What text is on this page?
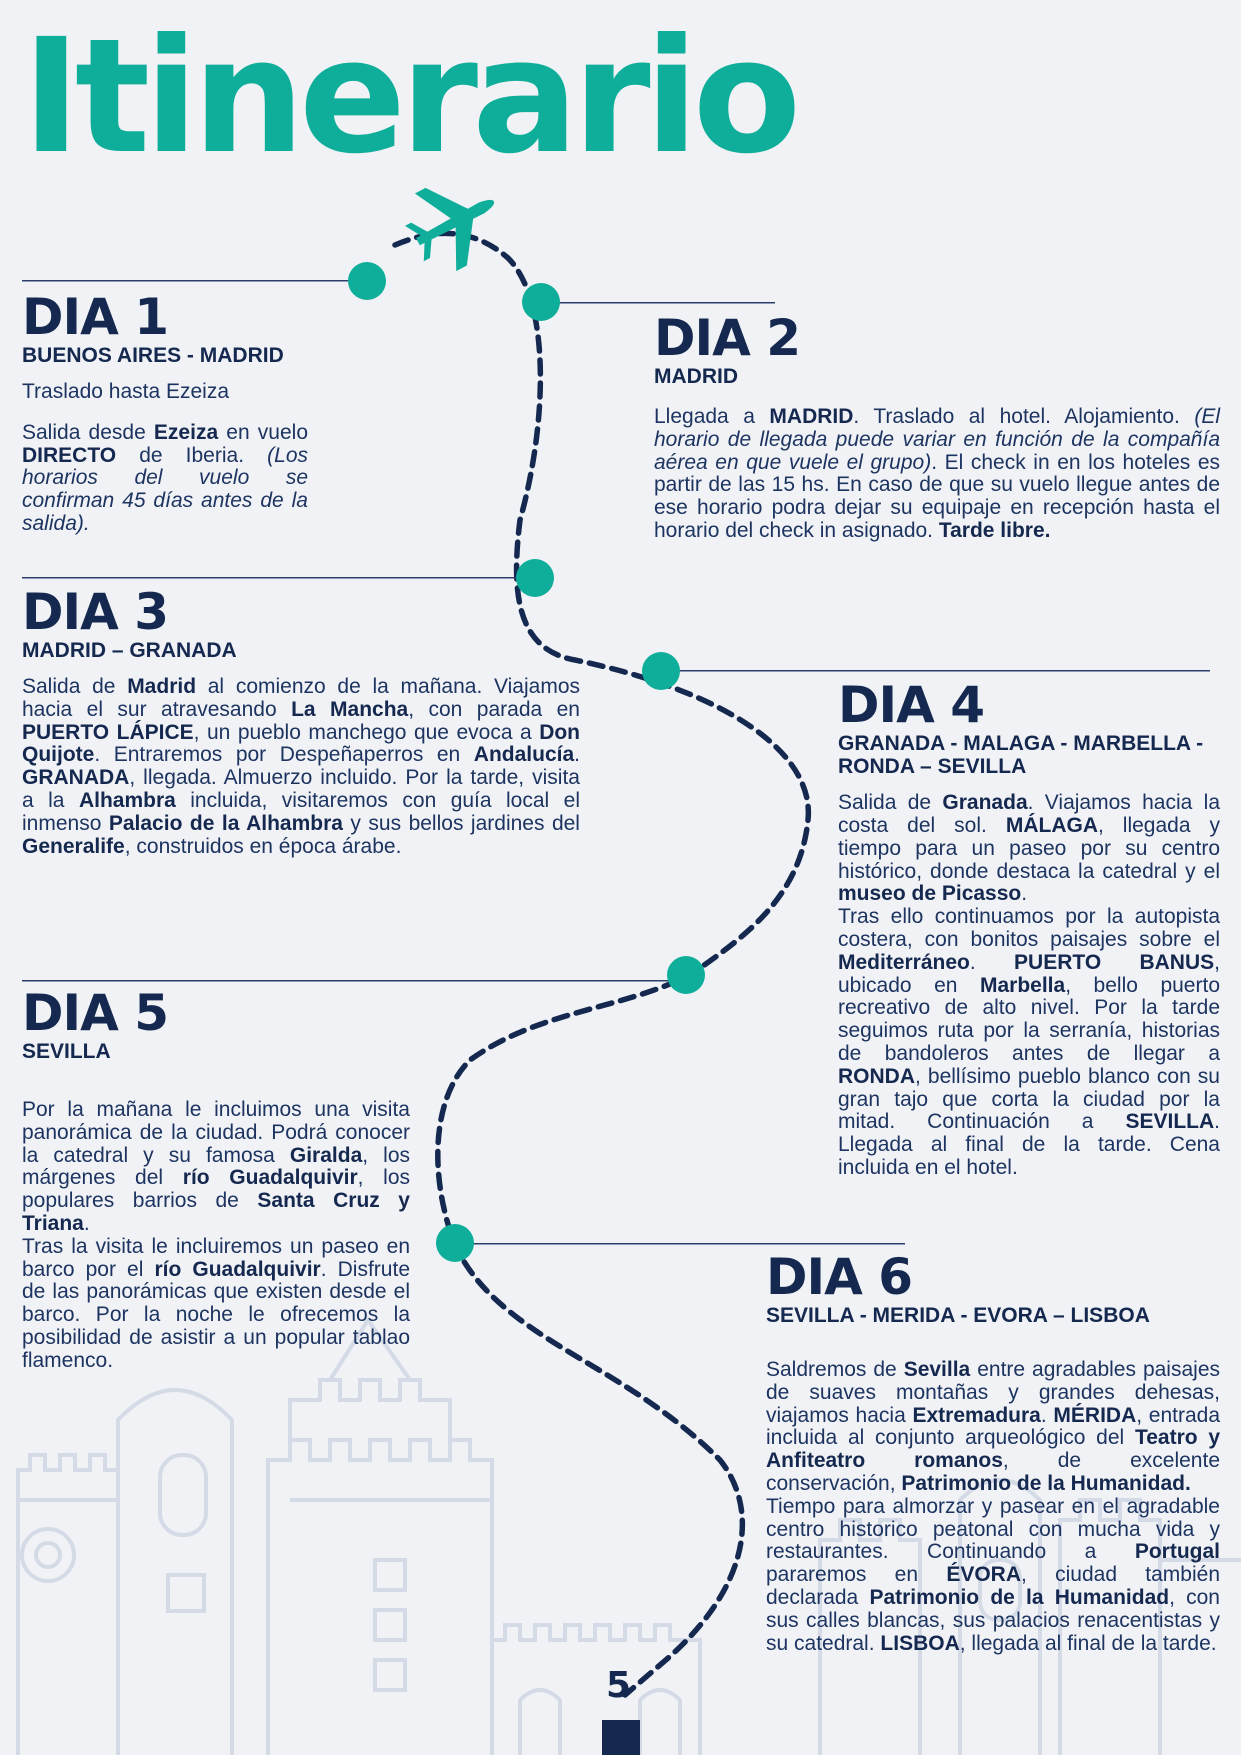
Itinerario
DIA 1
BUENOS AIRES - MADRID

Traslado hasta Ezeiza

Salida desde Ezeiza en vuelo DIRECTO de Iberia. (Los horarios del vuelo se confirman 45 días antes de la salida).

DIA 2
MADRID

Llegada a MADRID. Traslado al hotel. Alojamiento. (El horario de llegada puede variar en función de la compañía aérea en que vuele el grupo). El check in en los hoteles es partir de las 15 hs. En caso de que su vuelo llegue antes de ese horario podra dejar su equipaje en recepción hasta el horario del check in asignado. Tarde libre.

DIA 3
MADRID – GRANADA

Salida de Madrid al comienzo de la mañana. Viajamos hacia el sur atravesando La Mancha, con parada en PUERTO LÁPICE, un pueblo manchego que evoca a Don Quijote. Entraremos por Despeñaperros en Andalucía. GRANADA, llegada. Almuerzo incluido. Por la tarde, visita a la Alhambra incluida, visitaremos con guía local el inmenso Palacio de la Alhambra y sus bellos jardines del Generalife, construidos en época árabe.

DIA 4
GRANADA - MALAGA - MARBELLA - RONDA – SEVILLA

Salida de Granada. Viajamos hacia la costa del sol. MÁLAGA, llegada y tiempo para un paseo por su centro histórico, donde destaca la catedral y el museo de Picasso.

Tras ello continuamos por la autopista costera, con bonitos paisajes sobre el Mediterráneo. PUERTO BANUS, ubicado en Marbella, bello puerto recreativo de alto nivel. Por la tarde seguimos ruta por la serranía, historias de bandoleros antes de llegar a RONDA, bellísimo pueblo blanco con su gran tajo que corta la ciudad por la mitad. Continuación a SEVILLA. Llegada al final de la tarde. Cena incluida en el hotel.

DIA 5
SEVILLA

Por la mañana le incluimos una visita panorámica de la ciudad. Podrá conocer la catedral y su famosa Giralda, los márgenes del río Guadalquivir, los populares barrios de Santa Cruz y Triana.

Tras la visita le incluiremos un paseo en barco por el río Guadalquivir. Disfrute de las panorámicas que existen desde el barco. Por la noche le ofrecemos la posibilidad de asistir a un popular tablao flamenco.

DIA 6
SEVILLA - MERIDA - EVORA – LISBOA

Saldremos de Sevilla entre agradables paisajes de suaves montañas y grandes dehesas, viajamos hacia Extremadura. MÉRIDA, entrada incluida al conjunto arqueológico del Teatro y Anfiteatro romanos, de excelente conservación, Patrimonio de la Humanidad.

Tiempo para almorzar y pasear en el agradable centro historico peatonal con mucha vida y restaurantes. Continuando a Portugal pararemos en ÉVORA, ciudad también declarada Patrimonio de la Humanidad, con sus calles blancas, sus palacios renacentistas y su catedral. LISBOA, llegada al final de la tarde.

5
